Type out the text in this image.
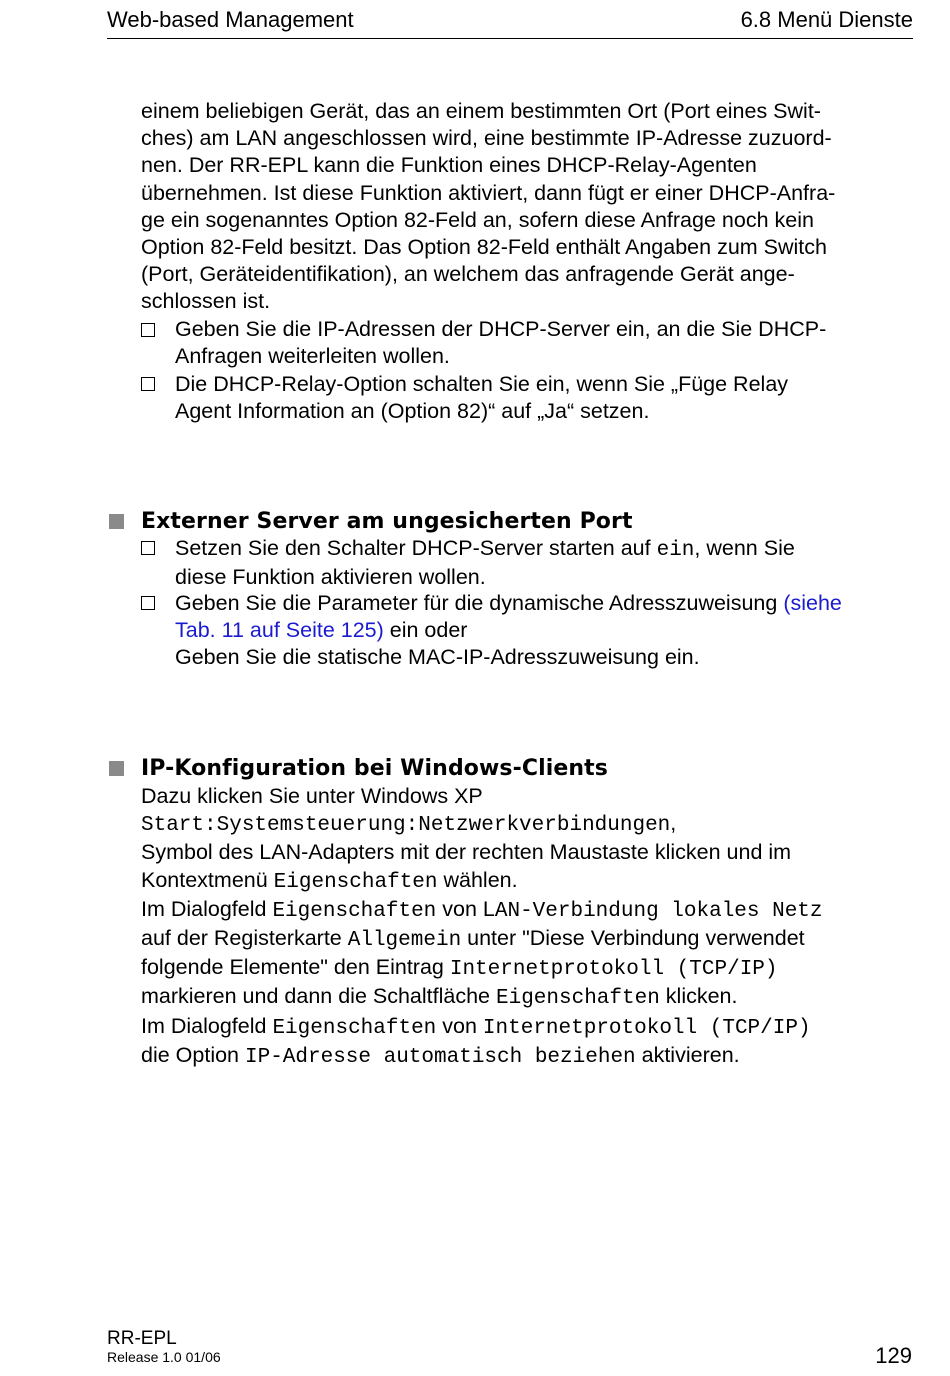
Web-based Management	6.8 Menü Dienste
einem beliebigen Gerät, das an einem bestimmten Ort (Port eines Swit-
ches) am LAN angeschlossen wird, eine bestimmte IP-Adresse zuzuord-
nen. Der RR-EPL kann die Funktion eines DHCP-Relay-Agenten
übernehmen. Ist diese Funktion aktiviert, dann fügt er einer DHCP-Anfra-
ge ein sogenanntes Option 82-Feld an, sofern diese Anfrage noch kein
Option 82-Feld besitzt. Das Option 82-Feld enthält Angaben zum Switch
(Port, Geräteidentifikation), an welchem das anfragende Gerät ange-
schlossen ist.
Geben Sie die IP-Adressen der DHCP-Server ein, an die Sie DHCP-
Anfragen weiterleiten wollen.
Die DHCP-Relay-Option schalten Sie ein, wenn Sie „Füge Relay
Agent Information an (Option 82)“ auf „Ja“ setzen.
Externer Server am ungesicherten Port
Setzen Sie den Schalter DHCP-Server starten auf ein, wenn Sie
diese Funktion aktivieren wollen.
Geben Sie die Parameter für die dynamische Adresszuweisung (siehe
Tab. 11 auf Seite 125) ein oder
Geben Sie die statische MAC-IP-Adresszuweisung ein.
IP-Konfiguration bei Windows-Clients
Dazu klicken Sie unter Windows XP
Start:Systemsteuerung:Netzwerkverbindungen,
Symbol des LAN-Adapters mit der rechten Maustaste klicken und im
Kontextmenü Eigenschaften wählen.
Im Dialogfeld Eigenschaften von LAN-Verbindung lokales Netz
auf der Registerkarte Allgemein unter "Diese Verbindung verwendet
folgende Elemente" den Eintrag Internetprotokoll (TCP/IP)
markieren und dann die Schaltfläche Eigenschaften klicken.
Im Dialogfeld Eigenschaften von Internetprotokoll (TCP/IP)
die Option IP-Adresse automatisch beziehen aktivieren.
RR-EPL
Release 1.0 01/06	129
